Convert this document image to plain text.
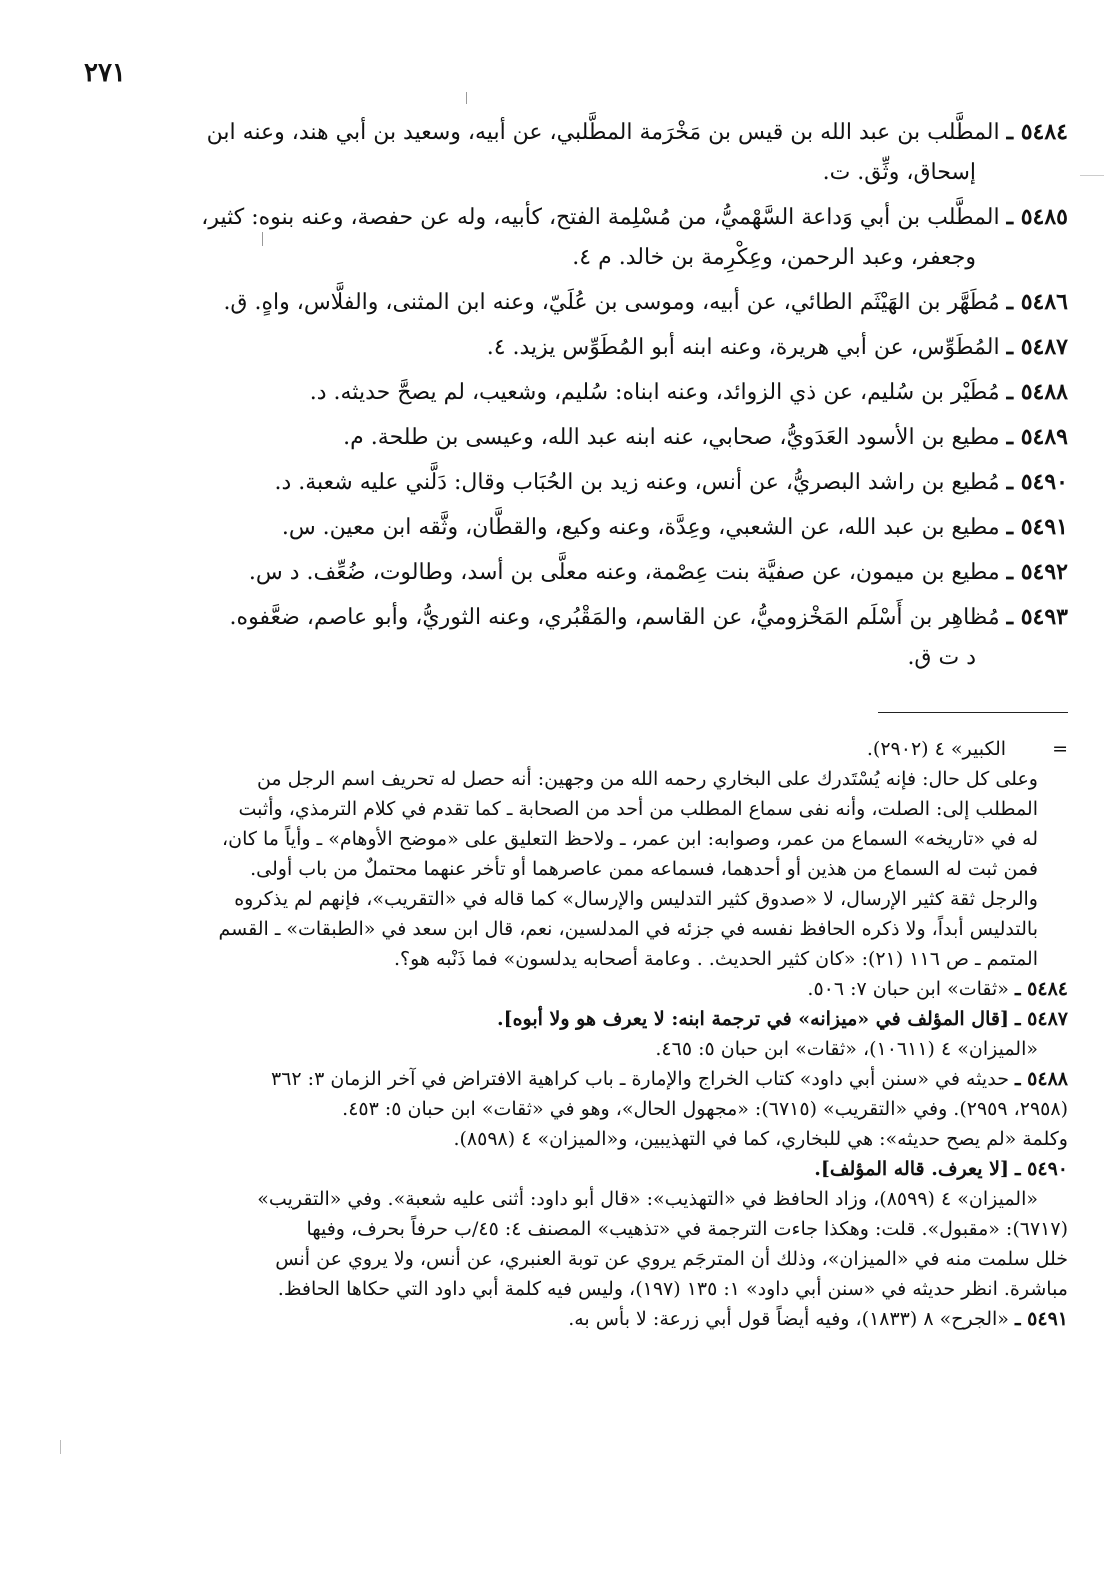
٢٧١

٥٤٨٤ ـ المطَّلب بن عبد الله بن قيس بن مَخْرَمة المطَّلبي، عن أبيه، وسعيد بن أبي هند، وعنه ابن
إسحاق، وثِّق. ت.

٥٤٨٥ ـ المطَّلب بن أبي وَداعة السَّهْميُّ، من مُسْلِمة الفتح، كأبيه، وله عن حفصة، وعنه بنوه: كثير،
وجعفر، وعبد الرحمن، وعِكْرِمة بن خالد. م ٤.

٥٤٨٦ ـ مُطَهَّر بن الهَيْثَم الطائي، عن أبيه، وموسى بن عُلَيّ، وعنه ابن المثنى، والفلَّاس، واهٍ. ق.

٥٤٨٧ ـ المُطَوِّس، عن أبي هريرة، وعنه ابنه أبو المُطَوِّس يزيد. ٤.

٥٤٨٨ ـ مُطَيْر بن سُليم، عن ذي الزوائد، وعنه ابناه: سُليم، وشعيب، لم يصحَّ حديثه. د.

٥٤٨٩ ـ مطيع بن الأسود العَدَويُّ، صحابي، عنه ابنه عبد الله، وعيسى بن طلحة. م.

٥٤٩٠ ـ مُطيع بن راشد البصريُّ، عن أنس، وعنه زيد بن الحُبَاب وقال: دَلَّني عليه شعبة. د.

٥٤٩١ ـ مطيع بن عبد الله، عن الشعبي، وعِدَّة، وعنه وكيع، والقطَّان، وثَّقه ابن معين. س.

٥٤٩٢ ـ مطيع بن ميمون، عن صفيَّة بنت عِصْمة، وعنه معلَّى بن أسد، وطالوت، ضُعِّف. د س.

٥٤٩٣ ـ مُظاهِر بن أَسْلَم المَخْزوميُّ، عن القاسم، والمَقْبُري، وعنه الثوريُّ، وأبو عاصم، ضعَّفوه.
د ت ق.

= الكبير» ٤ (٢٩٠٢).

وعلى كل حال: فإنه يُسْتَدرك على البخاري رحمه الله من وجهين: أنه حصل له تحريف اسم الرجل من
المطلب إلى: الصلت، وأنه نفى سماع المطلب من أحد من الصحابة ـ كما تقدم في كلام الترمذي، وأثبت
له في «تاريخه» السماع من عمر، وصوابه: ابن عمر، ـ ولاحظ التعليق على «موضح الأوهام» ـ وأياً ما كان،
فمن ثبت له السماع من هذين أو أحدهما، فسماعه ممن عاصرهما أو تأخر عنهما محتملٌ من باب أولى.

والرجل ثقة كثير الإرسال، لا «صدوق كثير التدليس والإرسال» كما قاله في «التقريب»، فإنهم لم يذكروه
بالتدليس أبداً، ولا ذكره الحافظ نفسه في جزئه في المدلسين، نعم، قال ابن سعد في «الطبقات» ـ القسم
المتمم ـ ص ١١٦ (٢١): «كان كثير الحديث. . وعامة أصحابه يدلسون» فما ذَنْبه هو؟.

٥٤٨٤ ـ «ثقات» ابن حبان ٧: ٥٠٦.

٥٤٨٧ ـ [قال المؤلف في «ميزانه» في ترجمة ابنه: لا يعرف هو ولا أبوه].
«الميزان» ٤ (١٠٦١١)، «ثقات» ابن حبان ٥: ٤٦٥.

٥٤٨٨ ـ حديثه في «سنن أبي داود» كتاب الخراج والإمارة ـ باب كراهية الافتراض في آخر الزمان ٣: ٣٦٢
(٢٩٥٨، ٢٩٥٩). وفي «التقريب» (٦٧١٥): «مجهول الحال»، وهو في «ثقات» ابن حبان ٥: ٤٥٣.
وكلمة «لم يصح حديثه»: هي للبخاري، كما في التهذيبين، و«الميزان» ٤ (٨٥٩٨).

٥٤٩٠ ـ [لا يعرف. قاله المؤلف].
«الميزان» ٤ (٨٥٩٩)، وزاد الحافظ في «التهذيب»: «قال أبو داود: أثنى عليه شعبة». وفي «التقريب»
(٦٧١٧): «مقبول». قلت: وهكذا جاءت الترجمة في «تذهيب» المصنف ٤: ٤٥/ب حرفاً بحرف، وفيها
خلل سلمت منه في «الميزان»، وذلك أن المترجَم يروي عن توبة العنبري، عن أنس، ولا يروي عن أنس
مباشرة. انظر حديثه في «سنن أبي داود» ١: ١٣٥ (١٩٧)، وليس فيه كلمة أبي داود التي حكاها الحافظ.

٥٤٩١ ـ «الجرح» ٨ (١٨٣٣)، وفيه أيضاً قول أبي زرعة: لا بأس به.
